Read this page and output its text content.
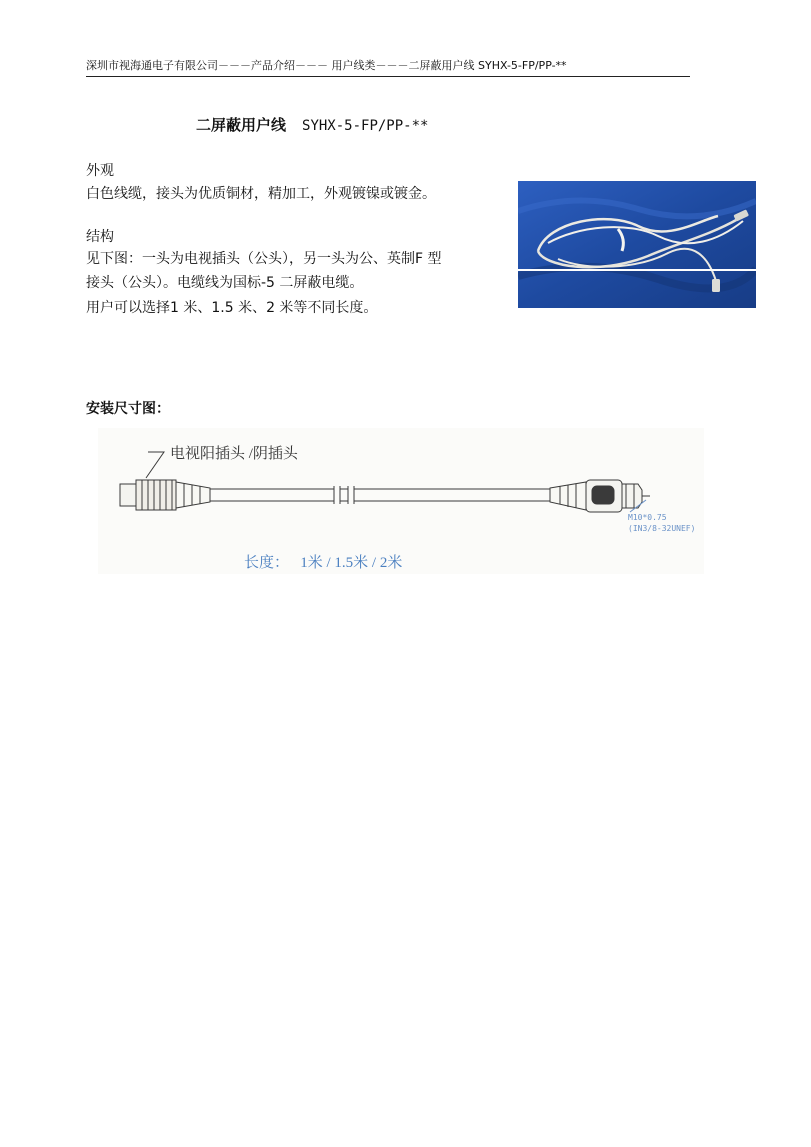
深圳市视海通电子有限公司－－－产品介绍－－－ 用户线类－－－二屏蔽用户线 SYHX-5-FP/PP-**
二屏蔽用户线 SYHX-5-FP/PP-**
外观
白色线缆，接头为优质铜材，精加工，外观镀镍或镀金。
结构
见下图：一头为电视插头（公头），另一头为公、英制F 型
接头（公头）。电缆线为国标-5 二屏蔽电缆。
用户可以选择1 米、1.5 米、2 米等不同长度。
安装尺寸图：
电视阳插头 /阴插头
M10*0.75
(IN3/8-32UNEF)
长度：   1米 / 1.5米 / 2米
